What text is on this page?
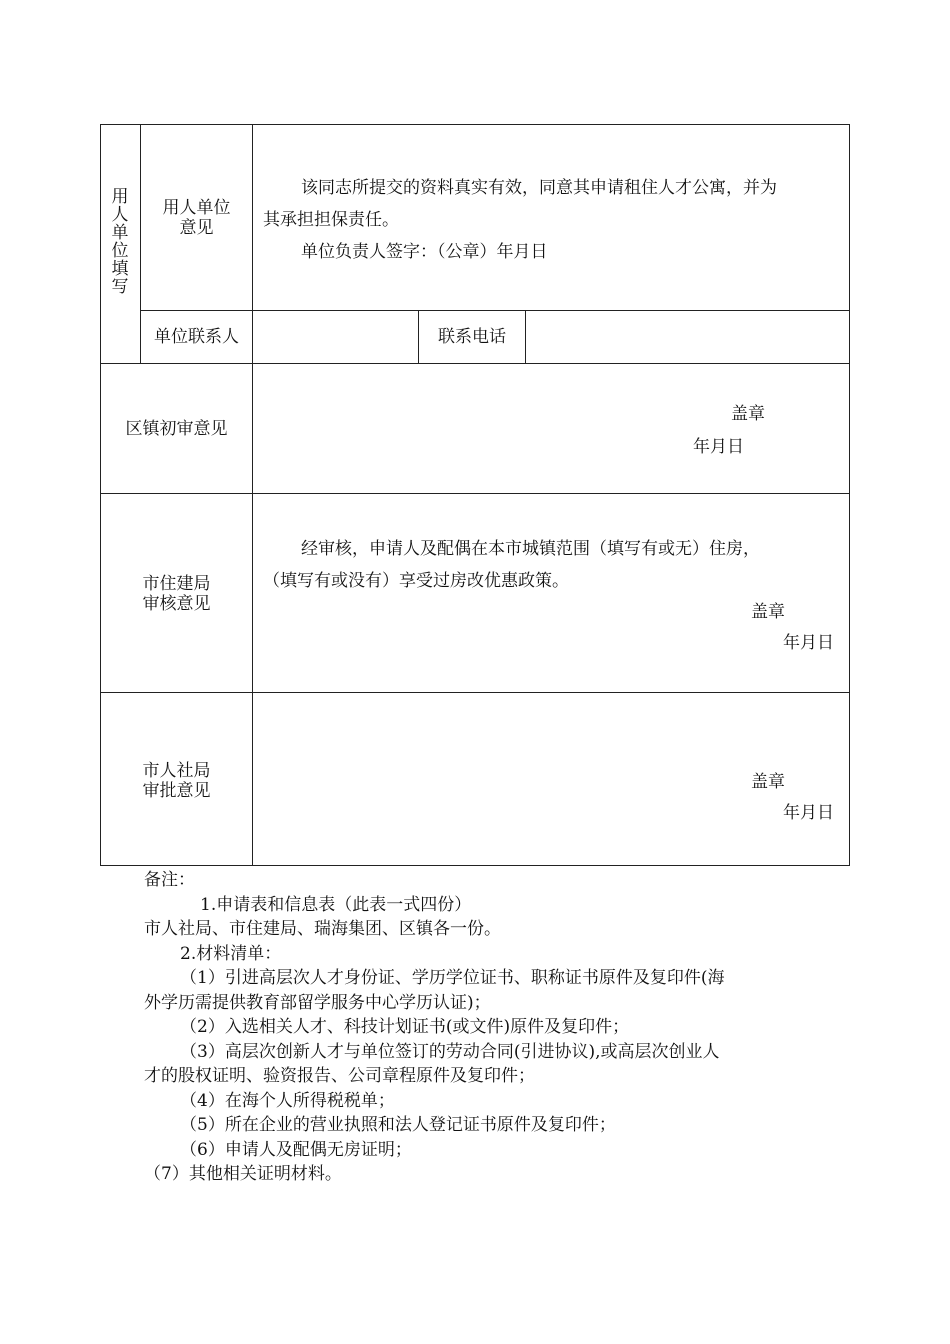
用人单位填写
用人单位
意见
该同志所提交的资料真实有效，同意其申请租住人才公寓，并为
其承担担保责任。
单位负责人签字：（公章）年月日
单位联系人	联系电话
区镇初审意见
盖章
年月日
市住建局
审核意见
经审核，申请人及配偶在本市城镇范围（填写有或无）住房，
（填写有或没有）享受过房改优惠政策。
盖章
年月日
市人社局
审批意见	盖章
年月日
备注：
1.申请表和信息表（此表一式四份）
市人社局、市住建局、瑞海集团、区镇各一份。
2.材料清单：
（1）引进高层次人才身份证、学历学位证书、职称证书原件及复印件(海
外学历需提供教育部留学服务中心学历认证)；
（2）入选相关人才、科技计划证书(或文件)原件及复印件；
（3）高层次创新人才与单位签订的劳动合同(引进协议),或高层次创业人
才的股权证明、验资报告、公司章程原件及复印件；
（4）在海个人所得税税单；
（5）所在企业的营业执照和法人登记证书原件及复印件；
（6）申请人及配偶无房证明；
（7）其他相关证明材料。
